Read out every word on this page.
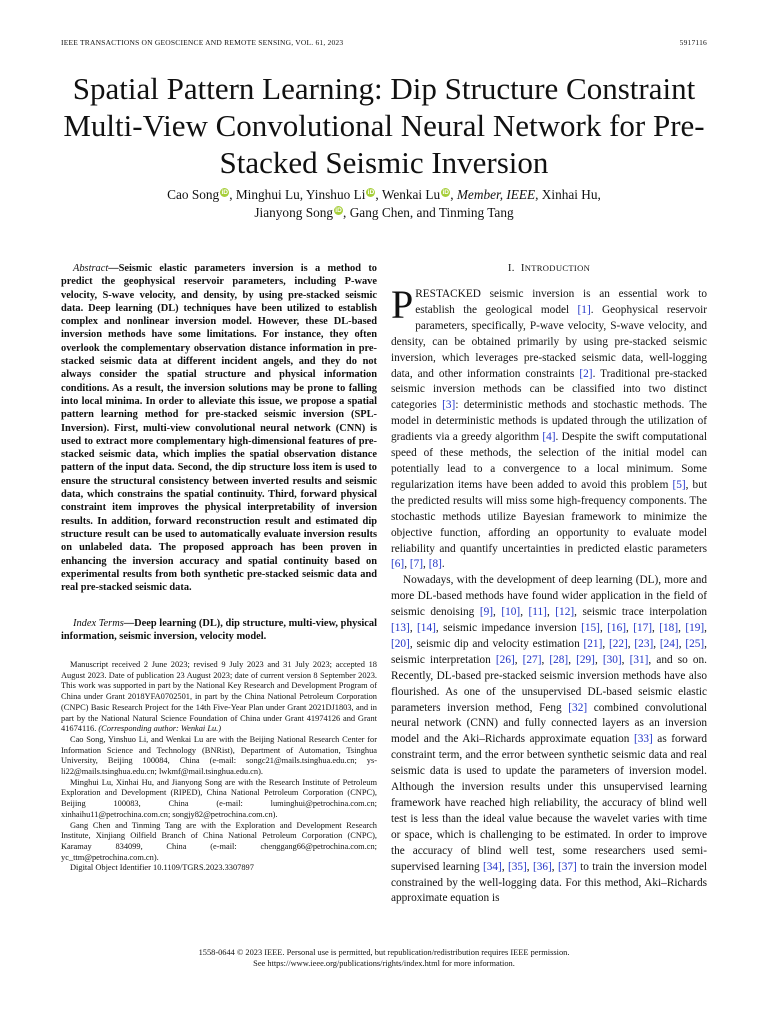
IEEE TRANSACTIONS ON GEOSCIENCE AND REMOTE SENSING, VOL. 61, 2023	5917116
Spatial Pattern Learning: Dip Structure Constraint Multi-View Convolutional Neural Network for Pre-Stacked Seismic Inversion
Cao Song iD, Minghui Lu, Yinshuo Li iD, Wenkai Lu iD, Member, IEEE, Xinhai Hu,
Jianyong Song iD, Gang Chen, and Tinming Tang

Abstract—Seismic elastic parameters inversion is a method to predict the geophysical reservoir parameters, including P-wave velocity, S-wave velocity, and density, by using pre-stacked seismic data. Deep learning (DL) techniques have been utilized to establish complex and nonlinear inversion model. However, these DL-based inversion methods have some limitations. For instance, they often overlook the complementary observation distance information in pre-stacked seismic data at different incident angels, and they do not always consider the spatial structure and physical information conditions. As a result, the inversion solutions may be prone to falling into local minima. In order to alleviate this issue, we propose a spatial pattern learning method for pre-stacked seismic inversion (SPL-Inversion). First, multi-view convolutional neural network (CNN) is used to extract more complementary high-dimensional features of pre-stacked seismic data, which implies the spatial observation distance pattern of the input data. Second, the dip structure loss item is used to ensure the structural consistency between inverted results and seismic data, which constrains the spatial continuity. Third, forward physical constraint item improves the physical interpretability of inversion results. In addition, forward reconstruction result and estimated dip structure result can be used to automatically evaluate inversion results on unlabeled data. The proposed approach has been proven in enhancing the inversion accuracy and spatial continuity based on experimental results from both synthetic pre-stacked seismic data and real pre-stacked seismic data.

Index Terms—Deep learning (DL), dip structure, multi-view, physical information, seismic inversion, velocity model.

Manuscript received 2 June 2023; revised 9 July 2023 and 31 July 2023; accepted 18 August 2023. Date of publication 23 August 2023; date of current version 8 September 2023. This work was supported in part by the National Key Research and Development Program of China under Grant 2018YFA0702501, in part by the China National Petroleum Corporation (CNPC) Basic Research Project for the 14th Five-Year Plan under Grant 2021DJ1803, and in part by the National Natural Science Foundation of China under Grant 41974126 and Grant 41674116. (Corresponding author: Wenkai Lu.)

Cao Song, Yinshuo Li, and Wenkai Lu are with the Beijing National Research Center for Information Science and Technology (BNRist), Department of Automation, Tsinghua University, Beijing 100084, China (e-mail: songc21@mails.tsinghua.edu.cn; ys-li22@mails.tsinghua.edu.cn; lwkmf@mail.tsinghua.edu.cn).

Minghui Lu, Xinhai Hu, and Jianyong Song are with the Research Institute of Petroleum Exploration and Development (RIPED), China National Petroleum Corporation (CNPC), Beijing 100083, China (e-mail: luminghui@petrochina.com.cn; xinhaihu11@petrochina.com.cn; songjy82@petrochina.com.cn).

Gang Chen and Tinming Tang are with the Exploration and Development Research Institute, Xinjiang Oilfield Branch of China National Petroleum Corporation (CNPC), Karamay 834099, China (e-mail: chenggang66@petrochina.com.cn; yc_ttm@petrochina.com.cn).

Digital Object Identifier 10.1109/TGRS.2023.3307897

I. INTRODUCTION

PRESTACKED seismic inversion is an essential work to establish the geological model [1]. Geophysical reservoir parameters, specifically, P-wave velocity, S-wave velocity, and density, can be obtained primarily by using pre-stacked seismic inversion, which leverages pre-stacked seismic data, well-logging data, and other information constraints [2]. Traditional pre-stacked seismic inversion methods can be classified into two distinct categories [3]: deterministic methods and stochastic methods. The model in deterministic methods is updated through the utilization of gradients via a greedy algorithm [4]. Despite the swift computational speed of these methods, the selection of the initial model can potentially lead to a convergence to a local minimum. Some regularization items have been added to avoid this problem [5], but the predicted results will miss some high-frequency components. The stochastic methods utilize Bayesian framework to minimize the objective function, affording an opportunity to evaluate model reliability and quantify uncertainties in predicted elastic parameters [6], [7], [8].

Nowadays, with the development of deep learning (DL), more and more DL-based methods have found wider application in the field of seismic denoising [9], [10], [11], [12], seismic trace interpolation [13], [14], seismic impedance inversion [15], [16], [17], [18], [19], [20], seismic dip and velocity estimation [21], [22], [23], [24], [25], seismic interpretation [26], [27], [28], [29], [30], [31], and so on. Recently, DL-based pre-stacked seismic inversion methods have also flourished. As one of the unsupervised DL-based seismic elastic parameters inversion method, Feng [32] combined convolutional neural network (CNN) and fully connected layers as an inversion model and the Aki–Richards approximate equation [33] as forward constraint term, and the error between synthetic seismic data and real seismic data is used to update the parameters of inversion model. Although the inversion results under this unsupervised learning framework have reached high reliability, the accuracy of blind well test is less than the ideal value because the wavelet varies with time or space, which is challenging to be estimated. In order to improve the accuracy of blind well test, some researchers used semi-supervised learning [34], [35], [36], [37] to train the inversion model constrained by the well-logging data. For this method, Aki–Richards approximate equation is

1558-0644 © 2023 IEEE. Personal use is permitted, but republication/redistribution requires IEEE permission.
See https://www.ieee.org/publications/rights/index.html for more information.
